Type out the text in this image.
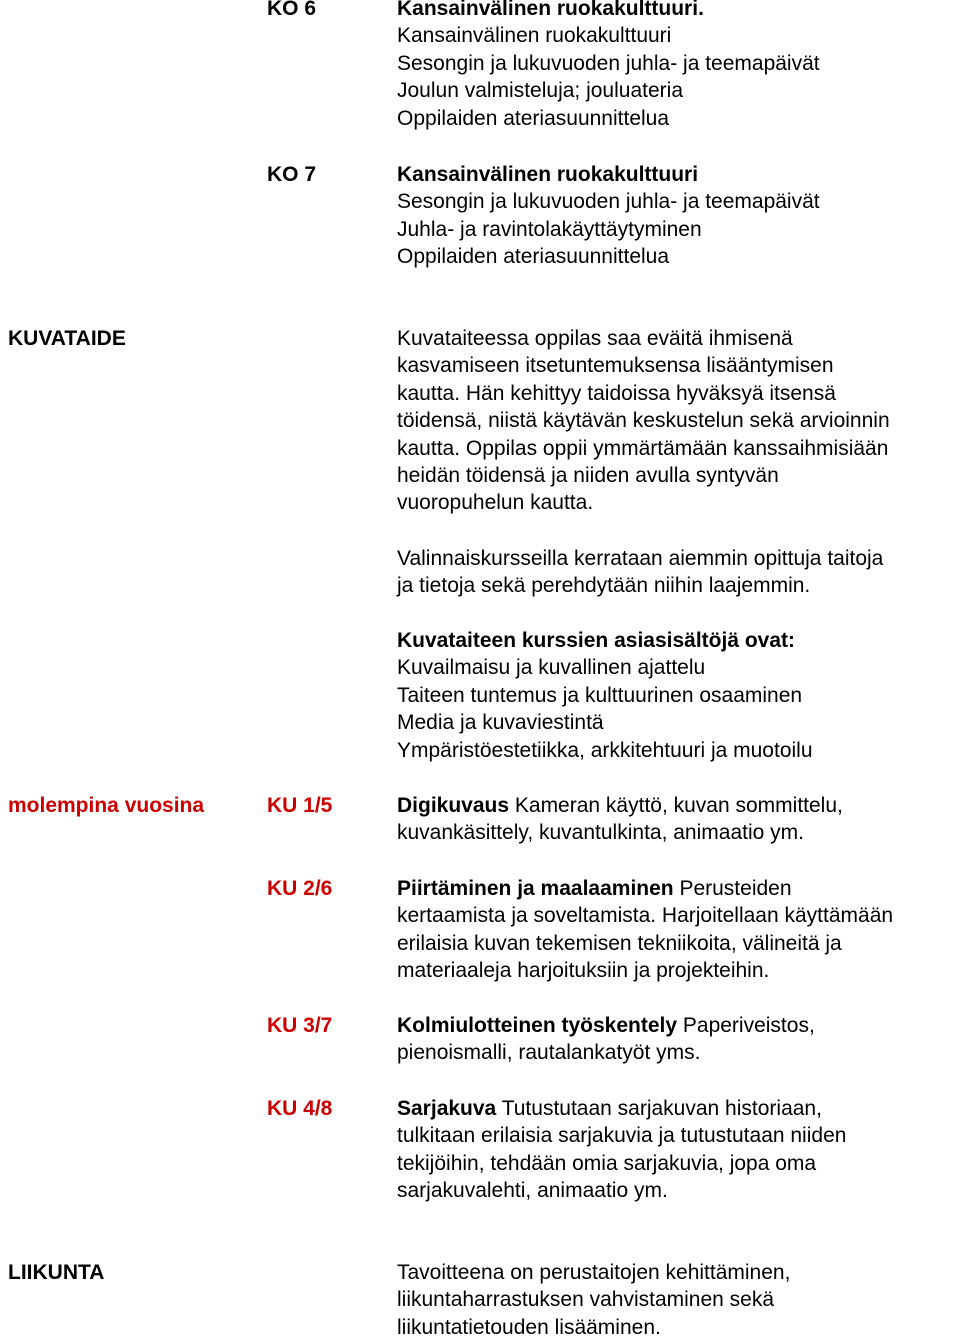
KO 6	Kansainvälinen ruokakulttuuri.
Kansainvälinen ruokakulttuuri
Sesongin ja lukuvuoden juhla- ja teemapäivät
Joulun valmisteluja; jouluateria
Oppilaiden ateriasuunnittelua
KO 7	Kansainvälinen ruokakulttuuri
Sesongin ja lukuvuoden juhla- ja teemapäivät
Juhla- ja ravintolakäyttäytyminen
Oppilaiden ateriasuunnittelua
KUVATAIDE	Kuvataiteessa oppilas saa eväitä ihmisenä
kasvamiseen itsetuntemuksensa lisääntymisen
kautta. Hän kehittyy taidoissa hyväksyä itsensä
töidensä, niistä käytävän keskustelun sekä arvioinnin
kautta. Oppilas oppii ymmärtämään kanssaihmisiään
heidän töidensä ja niiden avulla syntyvän
vuoropuhelun kautta.
Valinnaiskursseilla kerrataan aiemmin opittuja taitoja
ja tietoja sekä perehdytään niihin laajemmin.
Kuvataiteen kurssien asiasisältöjä ovat:
Kuvailmaisu ja kuvallinen ajattelu
Taiteen tuntemus ja kulttuurinen osaaminen
Media ja kuvaviestintä
Ympäristöestetiikka, arkkitehtuuri ja muotoilu
molempina vuosina	KU 1/5	Digikuvaus Kameran käyttö, kuvan sommittelu,
kuvankäsittely, kuvantulkinta, animaatio ym.
KU 2/6	Piirtäminen ja maalaaminen Perusteiden
kertaamista ja soveltamista. Harjoitellaan käyttämään
erilaisia kuvan tekemisen tekniikoita, välineitä ja
materiaaleja harjoituksiin ja projekteihin.
KU 3/7	Kolmiulotteinen työskentely Paperiveistos,
pienoismalli, rautalankatyöt yms.
KU 4/8	Sarjakuva Tutustutaan sarjakuvan historiaan,
tulkitaan erilaisia sarjakuvia ja tutustutaan niiden
tekijöihin, tehdään omia sarjakuvia, jopa oma
sarjakuvalehti, animaatio ym.
LIIKUNTA	Tavoitteena on perustaitojen kehittäminen,
liikuntaharrastuksen vahvistaminen sekä
liikuntatietouden lisääminen.
